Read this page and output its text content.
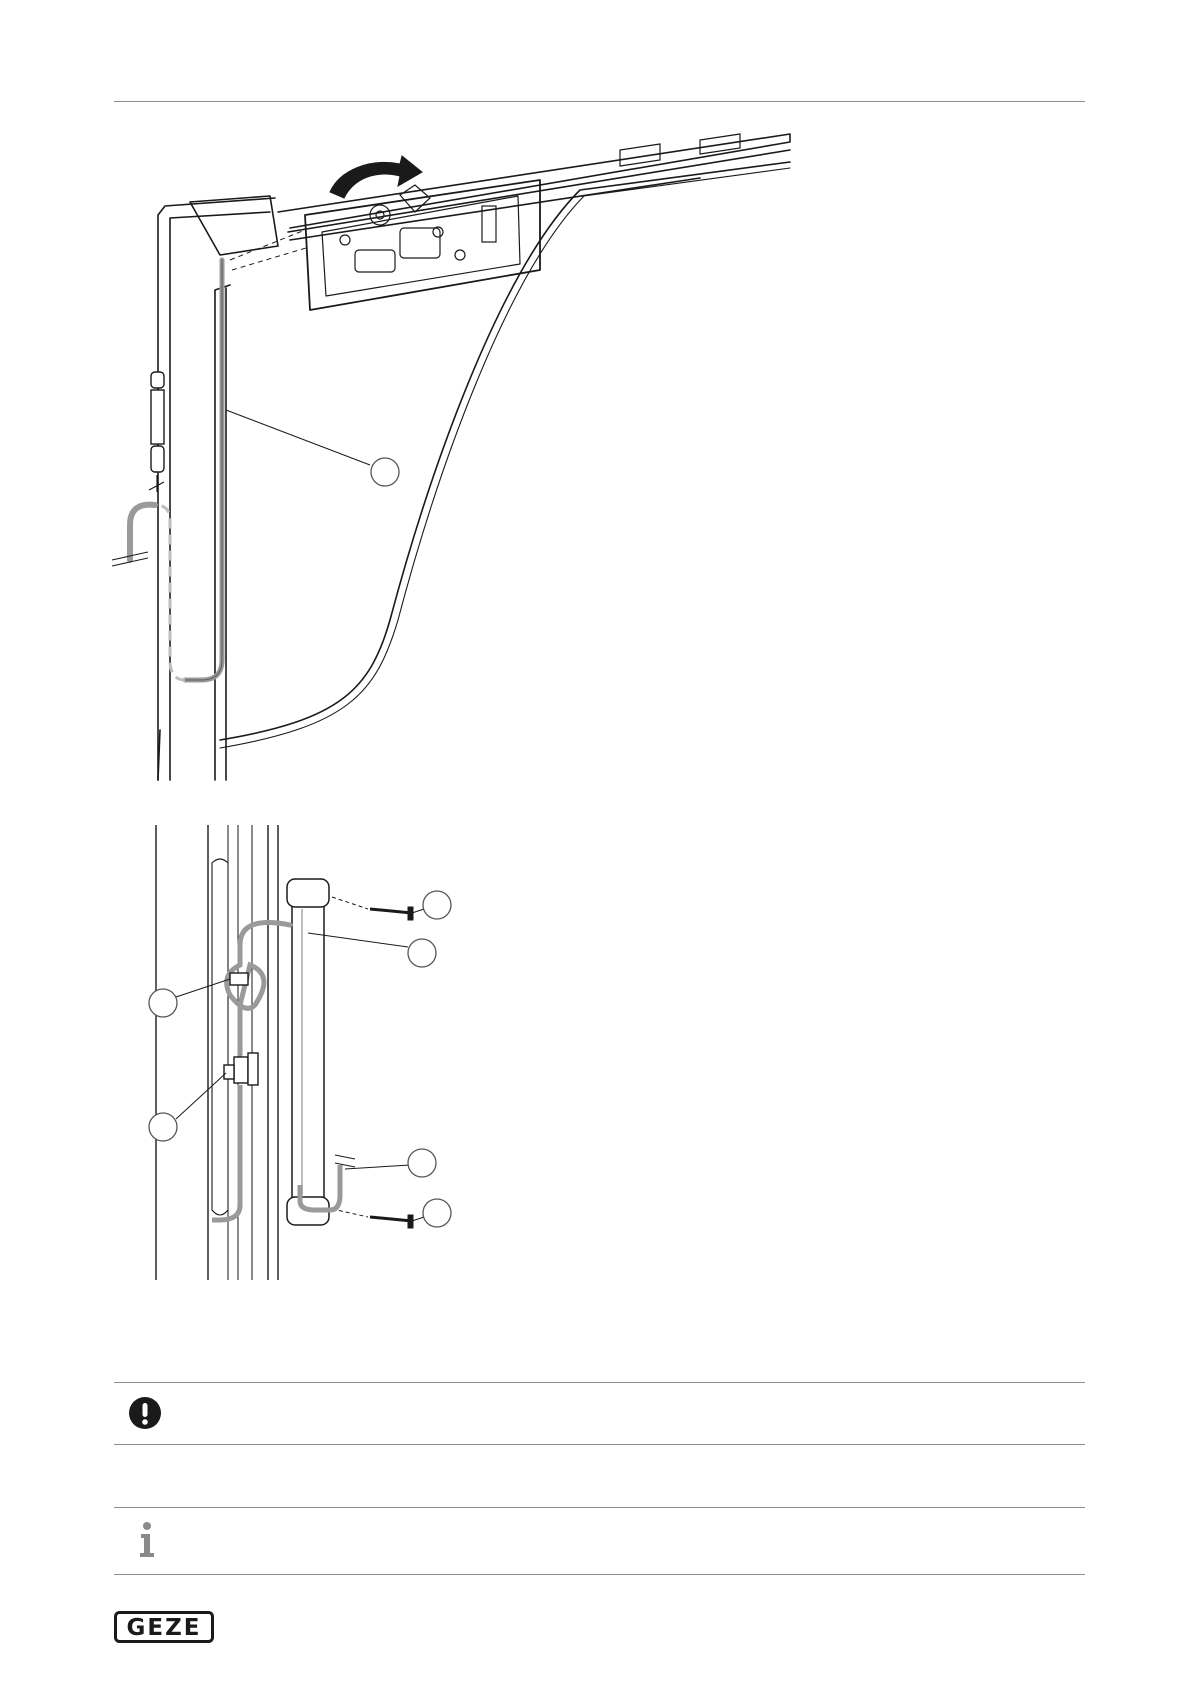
GEZE
